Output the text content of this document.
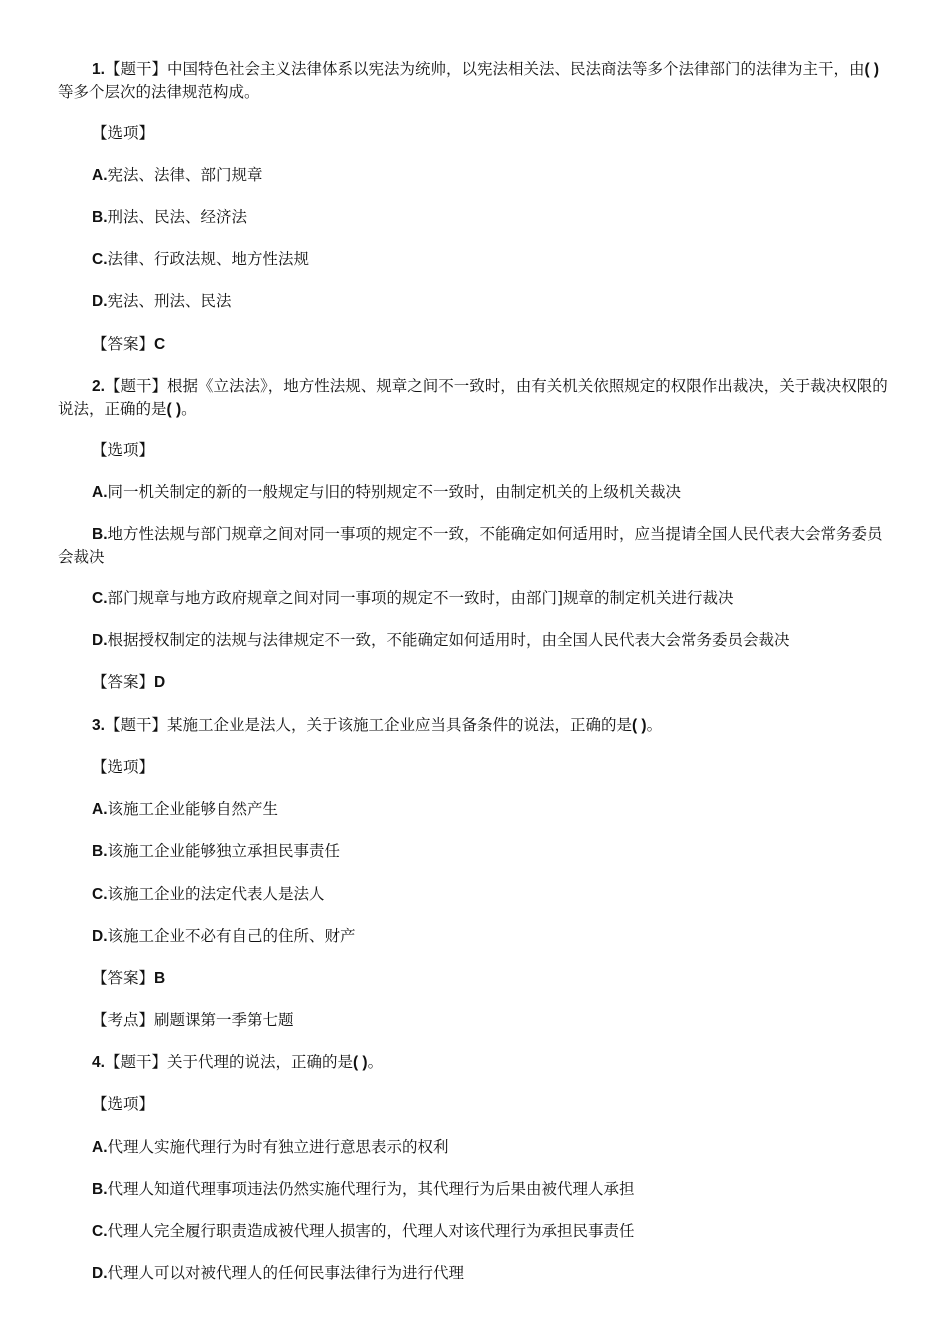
1.【题干】中国特色社会主义法律体系以宪法为统帅，以宪法相关法、民法商法等多个法律部门的法律为主干，由( )等多个层次的法律规范构成。
【选项】
A.宪法、法律、部门规章
B.刑法、民法、经济法
C.法律、行政法规、地方性法规
D.宪法、刑法、民法
【答案】C
2.【题干】根据《立法法》，地方性法规、规章之间不一致时，由有关机关依照规定的权限作出裁决，关于裁决权限的说法，正确的是( )。
【选项】
A.同一机关制定的新的一般规定与旧的特别规定不一致时，由制定机关的上级机关裁决
B.地方性法规与部门规章之间对同一事项的规定不一致，不能确定如何适用时，应当提请全国人民代表大会常务委员会裁决
C.部门规章与地方政府规章之间对同一事项的规定不一致时，由部门]规章的制定机关进行裁决
D.根据授权制定的法规与法律规定不一致，不能确定如何适用时，由全国人民代表大会常务委员会裁决
【答案】D
3.【题干】某施工企业是法人，关于该施工企业应当具备条件的说法，正确的是( )。
【选项】
A.该施工企业能够自然产生
B.该施工企业能够独立承担民事责任
C.该施工企业的法定代表人是法人
D.该施工企业不必有自己的住所、财产
【答案】B
【考点】刷题课第一季第七题
4.【题干】关于代理的说法，正确的是( )。
【选项】
A.代理人实施代理行为时有独立进行意思表示的权利
B.代理人知道代理事项违法仍然实施代理行为，其代理行为后果由被代理人承担
C.代理人完全履行职责造成被代理人损害的，代理人对该代理行为承担民事责任
D.代理人可以对被代理人的任何民事法律行为进行代理
